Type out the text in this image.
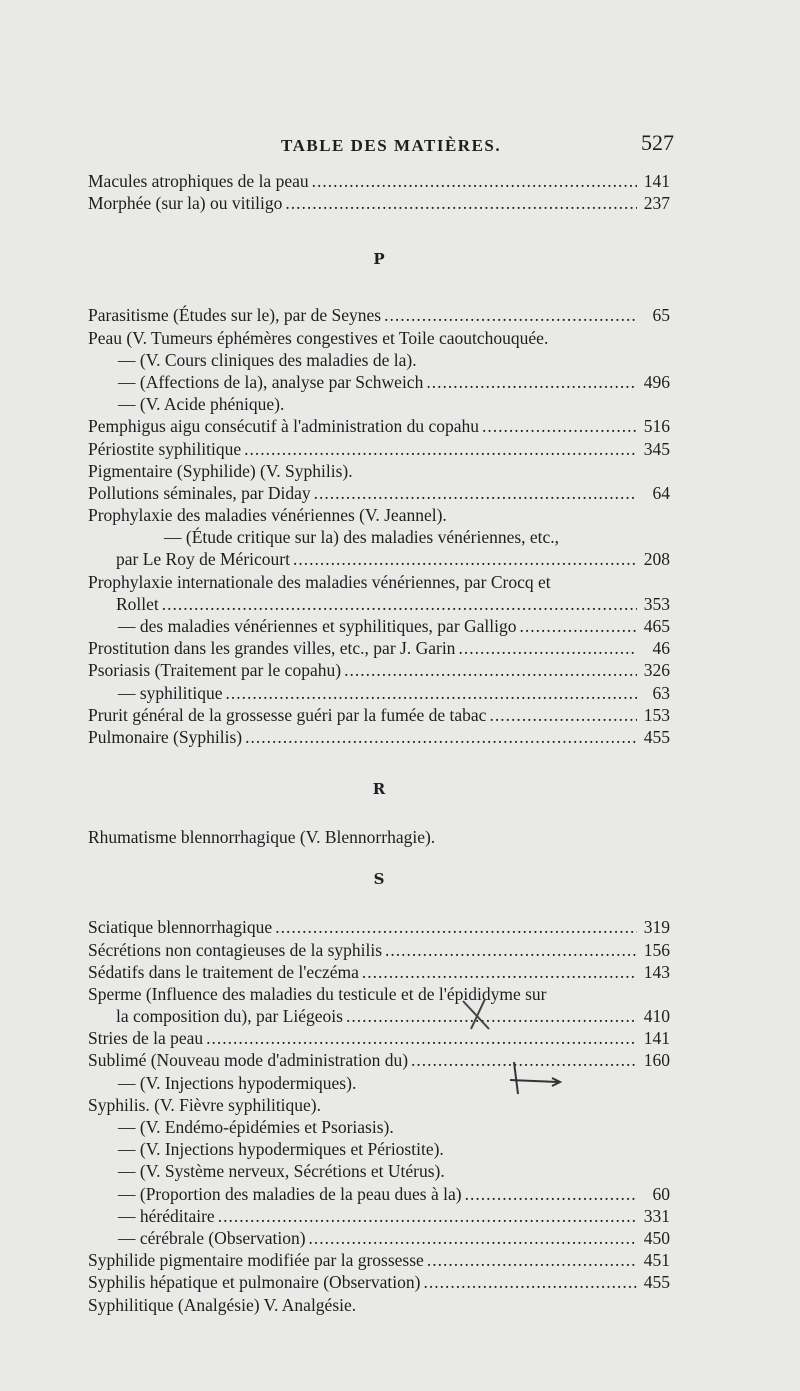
TABLE DES MATIÈRES.	527
Macules atrophiques de la peau .....	141
Morphée (sur la) ou vitiligo .....	237
P
Parasitisme (Études sur le), par de Seynes .....	65
Peau (V. Tumeurs éphémères congestives et Toile caoutchouquée.
— (V. Cours cliniques des maladies de la).
— (Affections de la), analyse par Schweich .....	496
— (V. Acide phénique).
Pemphigus aigu consécutif à l'administration du copahu .....	516
Périostite syphilitique .....	345
Pigmentaire (Syphilide) (V. Syphilis).
Pollutions séminales, par Diday .....	64
Prophylaxie des maladies vénériennes (V. Jeannel).
— (Étude critique sur la) des maladies vénériennes, etc.,
par Le Roy de Méricourt .....	208
Prophylaxie internationale des maladies vénériennes, par Crocq et
Rollet .....	353
— des maladies vénériennes et syphilitiques, par Galligo .....	465
Prostitution dans les grandes villes, etc., par J. Garin .....	46
Psoriasis (Traitement par le copahu) .....	326
— syphilitique .....	63
Prurit général de la grossesse guéri par la fumée de tabac .....	153
Pulmonaire (Syphilis) .....	455
R
Rhumatisme blennorrhagique (V. Blennorrhagie).
S
Sciatique blennorrhagique .....	319
Sécrétions non contagieuses de la syphilis .....	156
Sédatifs dans le traitement de l'eczéma .....	143
Sperme (Influence des maladies du testicule et de l'épididyme sur
la composition du), par Liégeois .....	410
Stries de la peau .....	141
Sublimé (Nouveau mode d'administration du) .....	160
— (V. Injections hypodermiques).
Syphilis. (V. Fièvre syphilitique).
— (V. Endémo-épidémies et Psoriasis).
— (V. Injections hypodermiques et Périostite).
— (V. Système nerveux, Sécrétions et Utérus).
— (Proportion des maladies de la peau dues à la) .....	60
— héréditaire .....	331
— cérébrale (Observation) .....	450
Syphilide pigmentaire modifiée par la grossesse .....	451
Syphilis hépatique et pulmonaire (Observation) .....	455
Syphilitique (Analgésie) V. Analgésie.
